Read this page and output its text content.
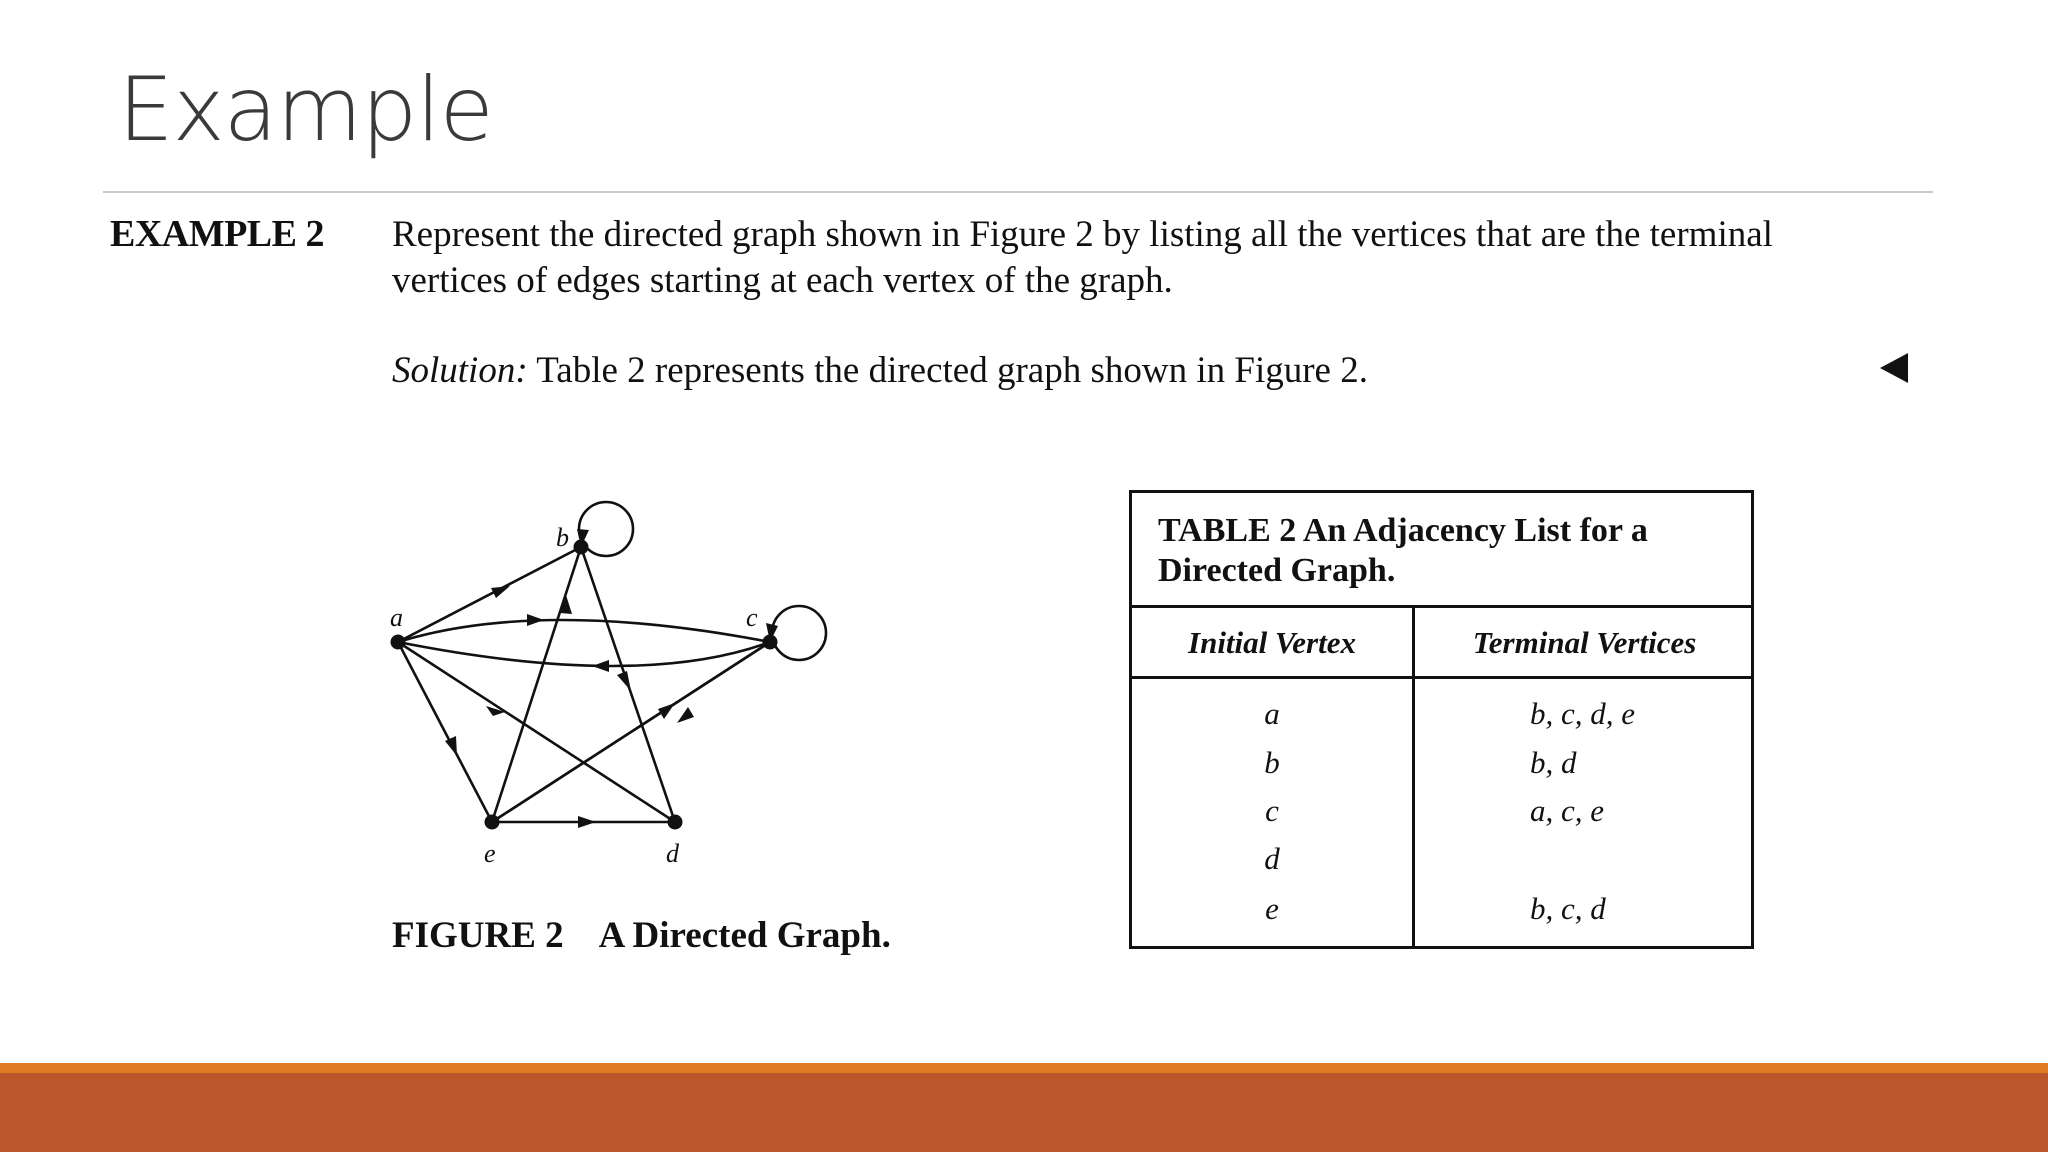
Example
EXAMPLE 2 Represent the directed graph shown in Figure 2 by listing all the vertices that are the terminal
vertices of edges starting at each vertex of the graph.
Solution: Table 2 represents the directed graph shown in Figure 2.
a
b
c
d
e
FIGURE 2    A Directed Graph.
TABLE 2 An Adjacency List for a
Directed Graph.
Initial Vertex	Terminal Vertices
a	b, c, d, e
b	b, d
c	a, c, e
d
e	b, c, d
